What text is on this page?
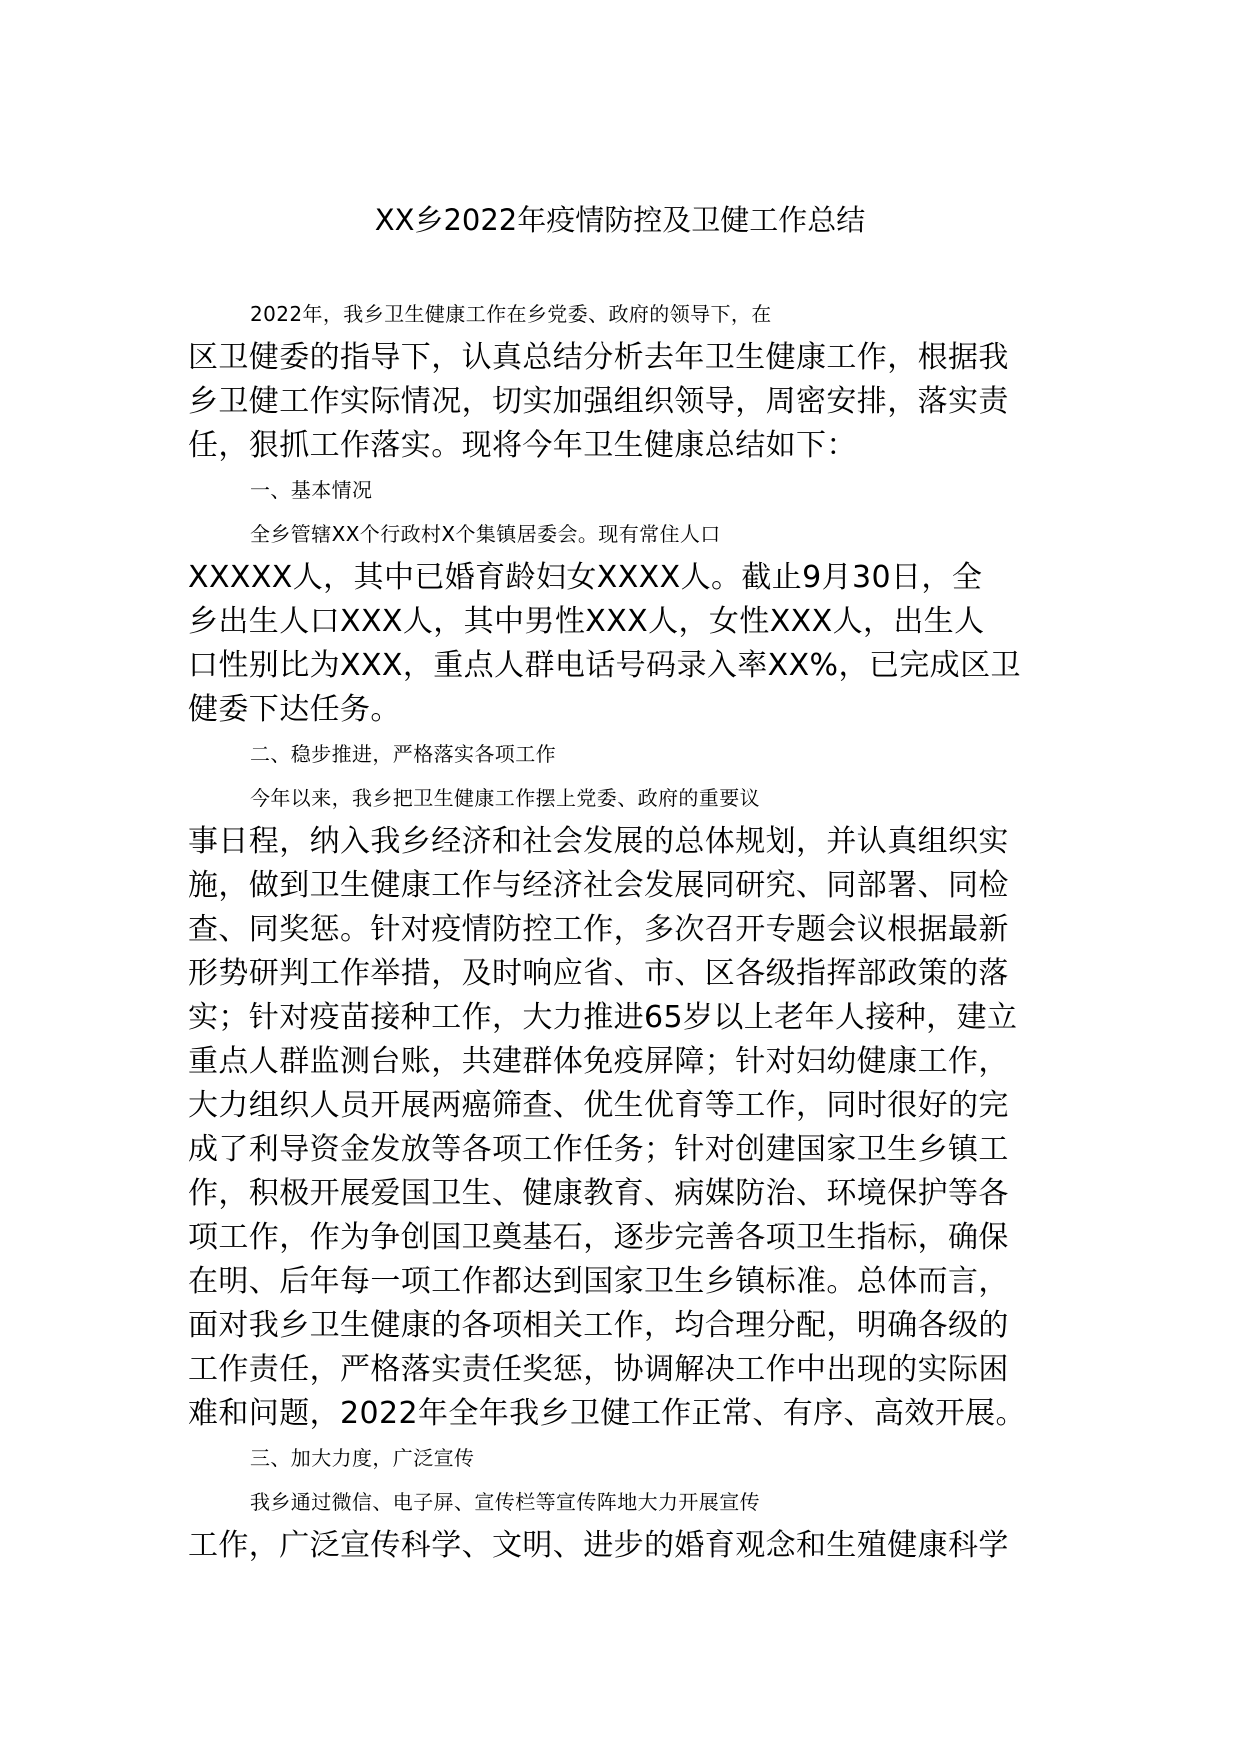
XX乡2022年疫情防控及卫健工作总结
2022年，我乡卫生健康工作在乡党委、政府的领导下，在
区卫健委的指导下，认真总结分析去年卫生健康工作，根据我
乡卫健工作实际情况，切实加强组织领导，周密安排，落实责
任，狠抓工作落实。现将今年卫生健康总结如下：
一、基本情况
全乡管辖XX个行政村X个集镇居委会。现有常住人口
XXXXX人，其中已婚育龄妇女XXXX人。截止9月30日，全
乡出生人口XXX人，其中男性XXX人，女性XXX人，出生人
口性别比为XXX，重点人群电话号码录入率XX%，已完成区卫
健委下达任务。
二、稳步推进，严格落实各项工作
今年以来，我乡把卫生健康工作摆上党委、政府的重要议
事日程，纳入我乡经济和社会发展的总体规划，并认真组织实
施，做到卫生健康工作与经济社会发展同研究、同部署、同检
查、同奖惩。针对疫情防控工作，多次召开专题会议根据最新
形势研判工作举措，及时响应省、市、区各级指挥部政策的落
实；针对疫苗接种工作，大力推进65岁以上老年人接种，建立
重点人群监测台账，共建群体免疫屏障；针对妇幼健康工作，
大力组织人员开展两癌筛查、优生优育等工作，同时很好的完
成了利导资金发放等各项工作任务；针对创建国家卫生乡镇工
作，积极开展爱国卫生、健康教育、病媒防治、环境保护等各
项工作，作为争创国卫奠基石，逐步完善各项卫生指标，确保
在明、后年每一项工作都达到国家卫生乡镇标准。总体而言，
面对我乡卫生健康的各项相关工作，均合理分配，明确各级的
工作责任，严格落实责任奖惩，协调解决工作中出现的实际困
难和问题，2022年全年我乡卫健工作正常、有序、高效开展。
三、加大力度，广泛宣传
我乡通过微信、电子屏、宣传栏等宣传阵地大力开展宣传
工作，广泛宣传科学、文明、进步的婚育观念和生殖健康科学
